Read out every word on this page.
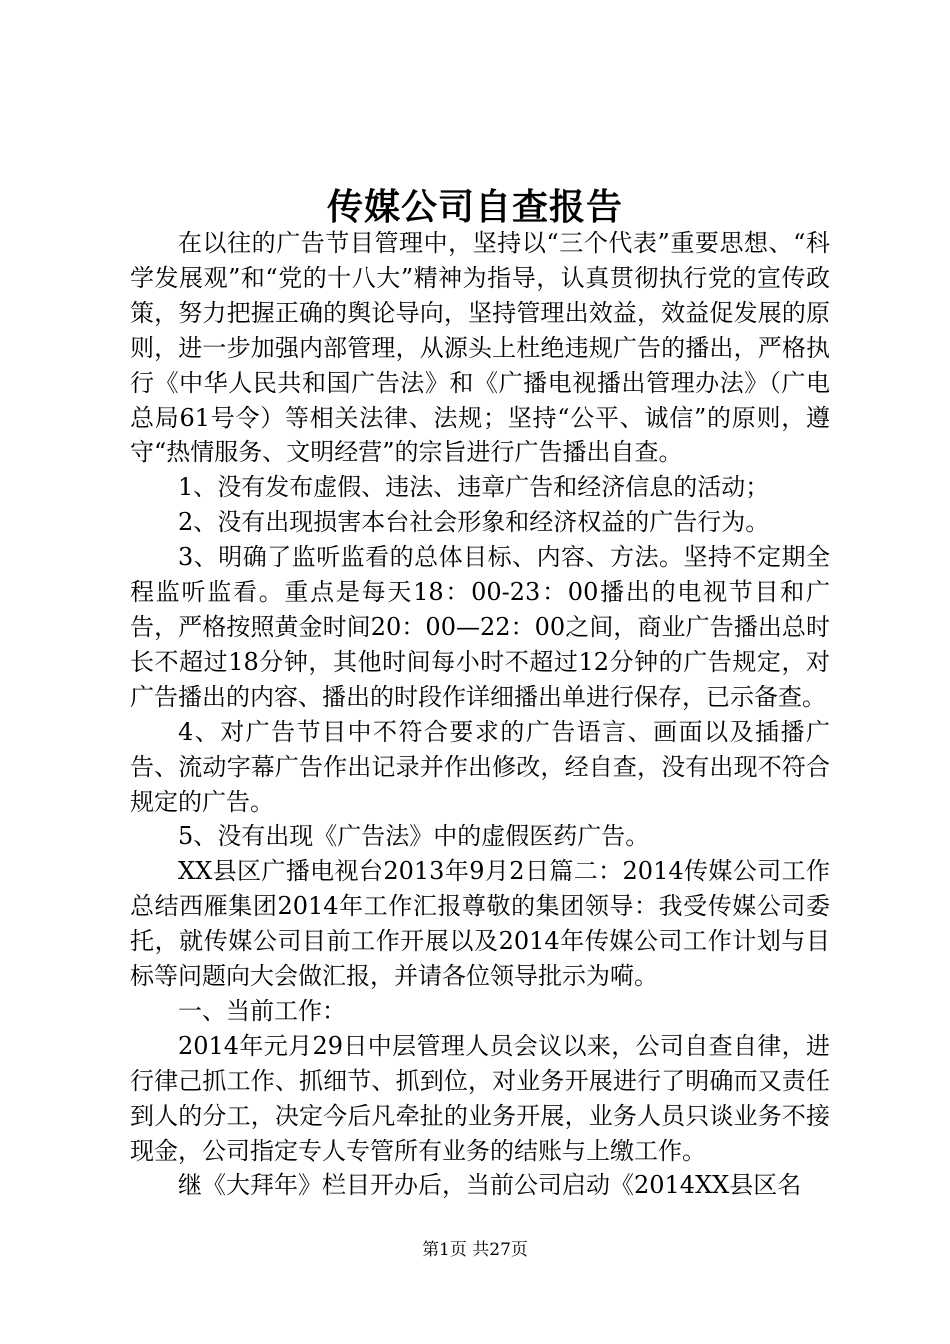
传媒公司自查报告

在以往的广告节目管理中，坚持以“三个代表”重要思想、“科学发展观”和“党的十八大”精神为指导，认真贯彻执行党的宣传政策，努力把握正确的舆论导向，坚持管理出效益，效益促发展的原则，进一步加强内部管理，从源头上杜绝违规广告的播出，严格执行《中华人民共和国广告法》和《广播电视播出管理办法》（广电总局61号令）等相关法律、法规；坚持“公平、诚信”的原则，遵守“热情服务、文明经营”的宗旨进行广告播出自查。

1、没有发布虚假、违法、违章广告和经济信息的活动；

2、没有出现损害本台社会形象和经济权益的广告行为。

3、明确了监听监看的总体目标、内容、方法。坚持不定期全程监听监看。重点是每天18：00-23：00播出的电视节目和广告，严格按照黄金时间20：00—22：00之间，商业广告播出总时长不超过18分钟，其他时间每小时不超过12分钟的广告规定，对广告播出的内容、播出的时段作详细播出单进行保存，已示备查。

4、对广告节目中不符合要求的广告语言、画面以及插播广告、流动字幕广告作出记录并作出修改，经自查，没有出现不符合规定的广告。

5、没有出现《广告法》中的虚假医药广告。

XX县区广播电视台2013年9月2日篇二：2014传媒公司工作总结西雁集团2014年工作汇报尊敬的集团领导：我受传媒公司委托，就传媒公司目前工作开展以及2014年传媒公司工作计划与目标等问题向大会做汇报，并请各位领导批示为嗬。

一、当前工作：

2014年元月29日中层管理人员会议以来，公司自查自律，进行律己抓工作、抓细节、抓到位，对业务开展进行了明确而又责任到人的分工，决定今后凡牵扯的业务开展，业务人员只谈业务不接现金，公司指定专人专管所有业务的结账与上缴工作。

继《大拜年》栏目开办后，当前公司启动《2014XX县区名

第1页 共27页
